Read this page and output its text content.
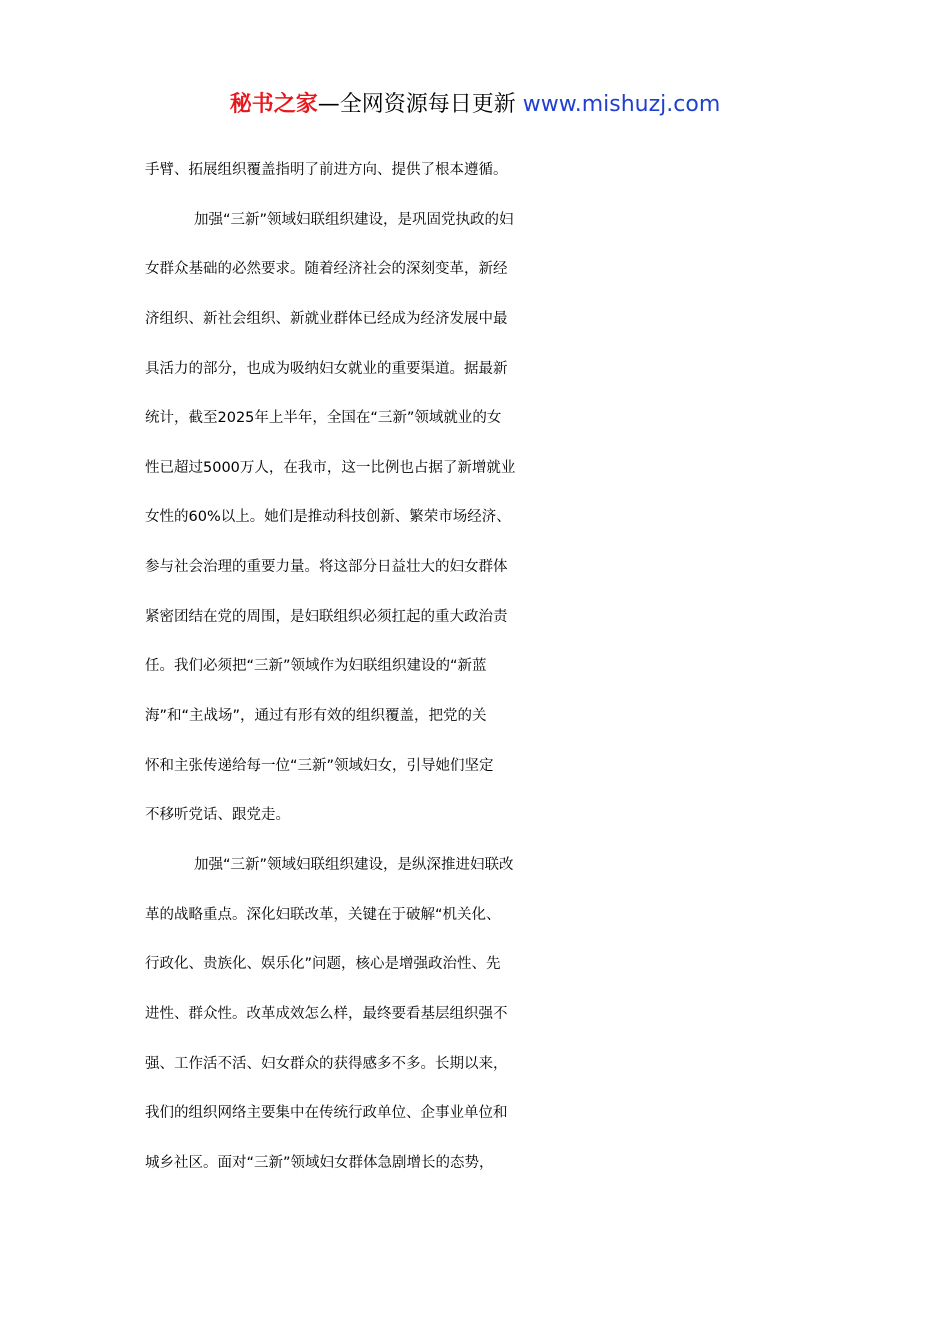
秘书之家—全网资源每日更新 www.mishuzj.com
手臂、拓展组织覆盖指明了前进方向、提供了根本遵循。
加强“三新”领域妇联组织建设，是巩固党执政的妇
女群众基础的必然要求。随着经济社会的深刻变革，新经
济组织、新社会组织、新就业群体已经成为经济发展中最
具活力的部分，也成为吸纳妇女就业的重要渠道。据最新
统计，截至2025年上半年，全国在“三新”领域就业的女
性已超过5000万人，在我市，这一比例也占据了新增就业
女性的60%以上。她们是推动科技创新、繁荣市场经济、
参与社会治理的重要力量。将这部分日益壮大的妇女群体
紧密团结在党的周围，是妇联组织必须扛起的重大政治责
任。我们必须把“三新”领域作为妇联组织建设的“新蓝
海”和“主战场”，通过有形有效的组织覆盖，把党的关
怀和主张传递给每一位“三新”领域妇女，引导她们坚定
不移听党话、跟党走。
加强“三新”领域妇联组织建设，是纵深推进妇联改
革的战略重点。深化妇联改革，关键在于破解“机关化、
行政化、贵族化、娱乐化”问题，核心是增强政治性、先
进性、群众性。改革成效怎么样，最终要看基层组织强不
强、工作活不活、妇女群众的获得感多不多。长期以来，
我们的组织网络主要集中在传统行政单位、企事业单位和
城乡社区。面对“三新”领域妇女群体急剧增长的态势，
